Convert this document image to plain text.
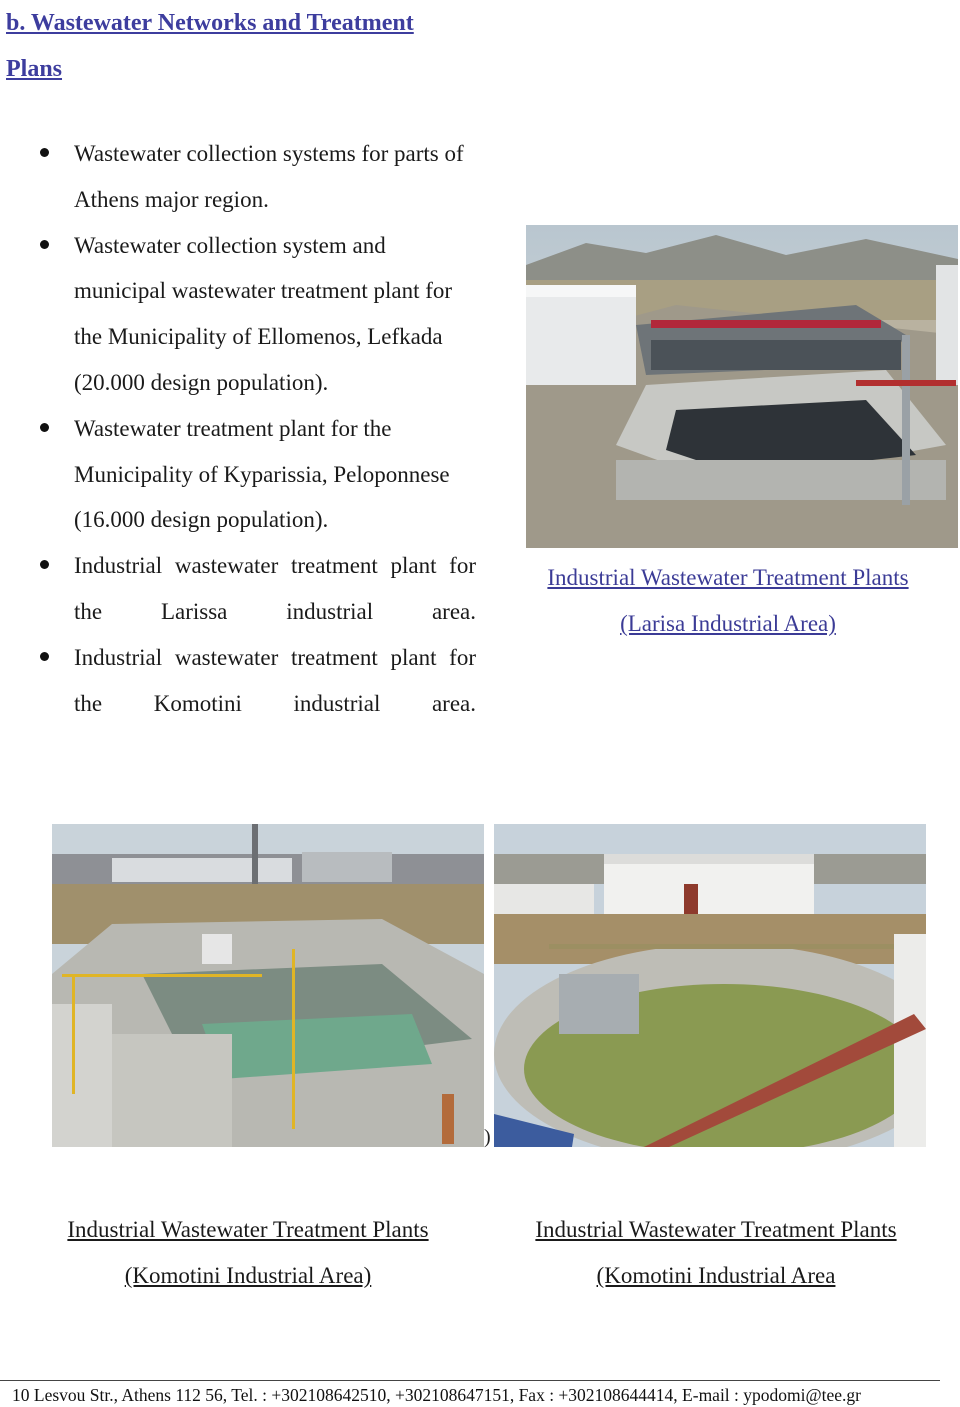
b. Wastewater Networks and Treatment
Plans
Wastewater collection systems for parts of Athens major region.
Wastewater collection system and municipal wastewater treatment plant for the Municipality of Ellomenos, Lefkada (20.000 design population).
Wastewater treatment plant for the Municipality of Kyparissia, Peloponnese (16.000 design population).
Industrial wastewater treatment plant for the Larissa industrial area.
Industrial wastewater treatment plant for the Komotini industrial area.
Industrial Wastewater Treatment Plants
(Larisa Industrial Area)
)
Industrial Wastewater Treatment Plants
(Komotini Industrial Area)
Industrial Wastewater Treatment Plants
(Komotini Industrial Area
10 Lesvou Str., Athens 112 56, Tel. : +302108642510, +302108647151, Fax : +302108644414, E-mail : ypodomi@tee.gr
